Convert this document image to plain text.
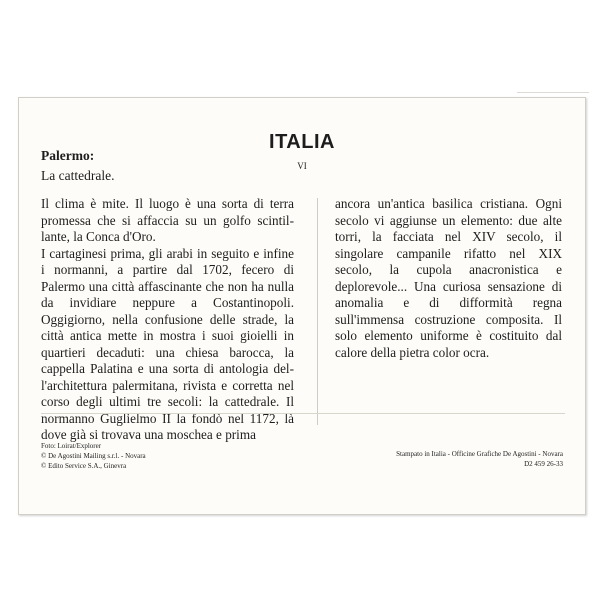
ITALIA
VI
Palermo:
La cattedrale.

Il clima è mite. Il luogo è una sorta di terra promessa che si affaccia su un golfo scintillante, la Conca d'Oro.

I cartaginesi prima, gli arabi in seguito e infine i normanni, a partire dal 1702, fecero di Palermo una città affascinante che non ha nulla da invidiare neppure a Costantinopoli. Oggigiorno, nella confusione delle strade, la città antica mette in mostra i suoi gioielli in quartieri decaduti: una chiesa barocca, la cappella Palatina e una sorta di antologia dell'architettura palermitana, rivista e corretta nel corso degli ultimi tre secoli: la cattedrale. Il normanno Guglielmo II la fondò nel 1172, là dove già si trovava una moschea e prima

ancora un'antica basilica cristiana. Ogni secolo vi aggiunse un elemento: due alte torri, la facciata nel XIV secolo, il singolare campanile rifatto nel XIX secolo, la cupola anacronistica e deplorevole... Una curiosa sensazione di anomalia e di difformità regna sull'immensa costruzione composita. Il solo elemento uniforme è costituito dal calore della pietra color ocra.

Foto: Loirat/Explorer
© De Agostini Mailing s.r.l. - Novara
© Edito Service S.A., Ginevra
Stampato in Italia - Officine Grafiche De Agostini - Novara
D2 459 26-33
